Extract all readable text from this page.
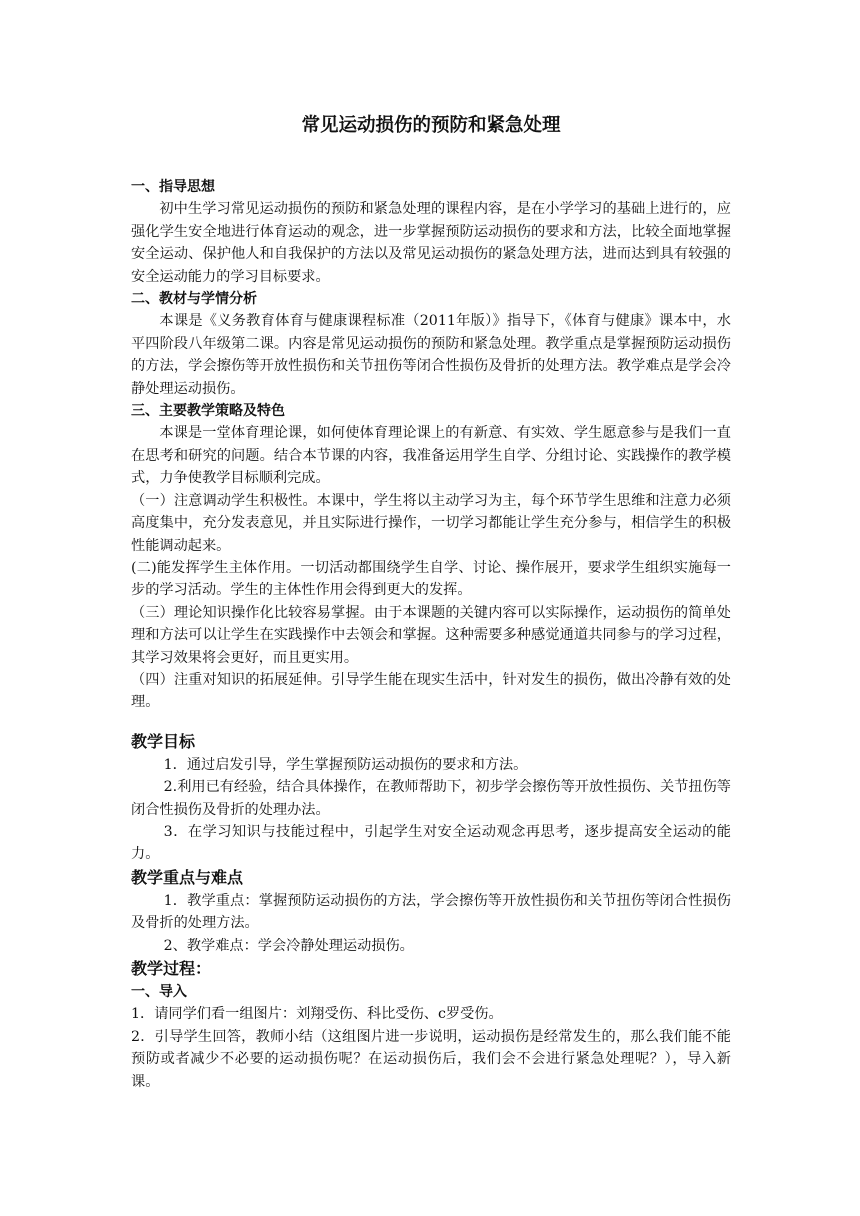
常见运动损伤的预防和紧急处理
一、指导思想

初中生学习常见运动损伤的预防和紧急处理的课程内容，是在小学学习的基础上进行的，应强化学生安全地进行体育运动的观念，进一步掌握预防运动损伤的要求和方法，比较全面地掌握安全运动、保护他人和自我保护的方法以及常见运动损伤的紧急处理方法，进而达到具有较强的安全运动能力的学习目标要求。

二、教材与学情分析

本课是《义务教育体育与健康课程标准（2011年版）》指导下，《体育与健康》课本中，水平四阶段八年级第二课。内容是常见运动损伤的预防和紧急处理。教学重点是掌握预防运动损伤的方法，学会擦伤等开放性损伤和关节扭伤等闭合性损伤及骨折的处理方法。教学难点是学会冷静处理运动损伤。

三、主要教学策略及特色

本课是一堂体育理论课，如何使体育理论课上的有新意、有实效、学生愿意参与是我们一直在思考和研究的问题。结合本节课的内容，我准备运用学生自学、分组讨论、实践操作的教学模式，力争使教学目标顺利完成。

（一）注意调动学生积极性。本课中，学生将以主动学习为主，每个环节学生思维和注意力必须高度集中，充分发表意见，并且实际进行操作，一切学习都能让学生充分参与，相信学生的积极性能调动起来。

(二)能发挥学生主体作用。一切活动都围绕学生自学、讨论、操作展开，要求学生组织实施每一步的学习活动。学生的主体性作用会得到更大的发挥。

（三）理论知识操作化比较容易掌握。由于本课题的关键内容可以实际操作，运动损伤的简单处理和方法可以让学生在实践操作中去领会和掌握。这种需要多种感觉通道共同参与的学习过程，其学习效果将会更好，而且更实用。

（四）注重对知识的拓展延伸。引导学生能在现实生活中，针对发生的损伤，做出冷静有效的处理。

教学目标

1．通过启发引导，学生掌握预防运动损伤的要求和方法。

2.利用已有经验，结合具体操作，在教师帮助下，初步学会擦伤等开放性损伤、关节扭伤等闭合性损伤及骨折的处理办法。

3．在学习知识与技能过程中，引起学生对安全运动观念再思考，逐步提高安全运动的能力。

教学重点与难点

1．教学重点：掌握预防运动损伤的方法，学会擦伤等开放性损伤和关节扭伤等闭合性损伤及骨折的处理方法。

2、教学难点：学会冷静处理运动损伤。

教学过程：
一、导入

1．请同学们看一组图片：刘翔受伤、科比受伤、c罗受伤。

2．引导学生回答，教师小结（这组图片进一步说明，运动损伤是经常发生的，那么我们能不能预防或者减少不必要的运动损伤呢？在运动损伤后，我们会不会进行紧急处理呢？），导入新课。
